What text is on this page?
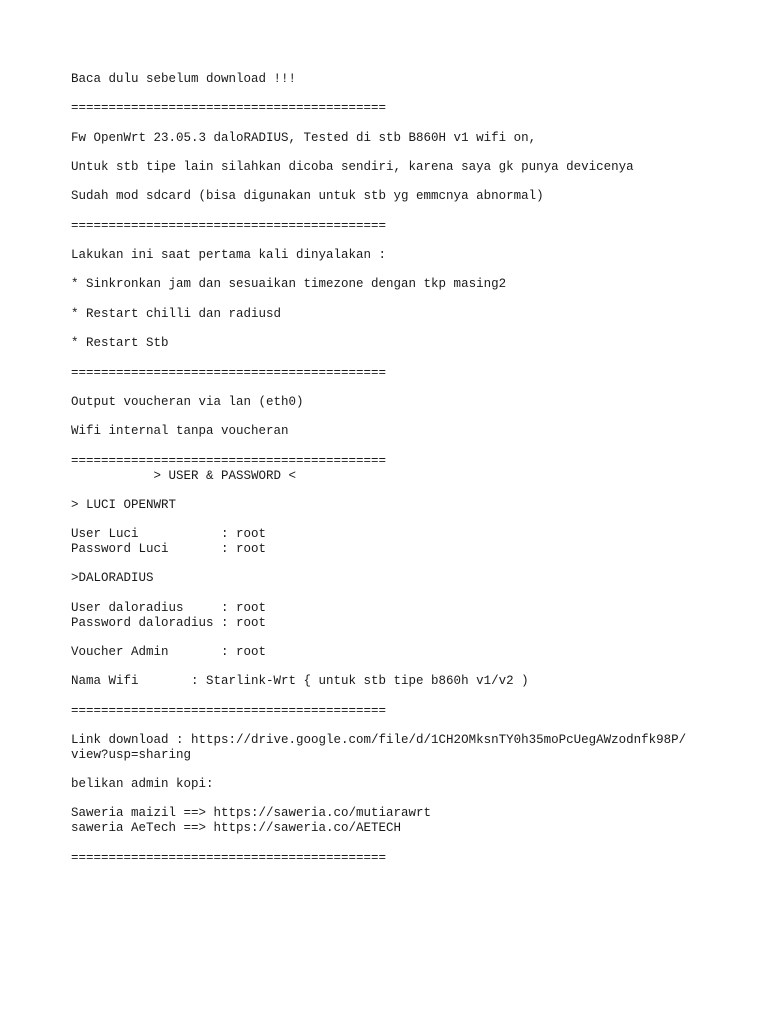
Baca dulu sebelum download !!!

==========================================

Fw OpenWrt 23.05.3 daloRADIUS, Tested di stb B860H v1 wifi on,

Untuk stb tipe lain silahkan dicoba sendiri, karena saya gk punya devicenya

Sudah mod sdcard (bisa digunakan untuk stb yg emmcnya abnormal)

==========================================

Lakukan ini saat pertama kali dinyalakan :

* Sinkronkan jam dan sesuaikan timezone dengan tkp masing2

* Restart chilli dan radiusd

* Restart Stb

==========================================

Output voucheran via lan (eth0)

Wifi internal tanpa voucheran

==========================================

> USER & PASSWORD <

> LUCI OPENWRT

User Luci           : root

Password Luci       : root

>DALORADIUS

User daloradius     : root

Password daloradius : root

Voucher Admin       : root

Nama Wifi       : Starlink-Wrt { untuk stb tipe b860h v1/v2 )

==========================================

Link download : https://drive.google.com/file/d/1CH2OMksnTY0h35moPcUegAWzodnfk98P/

view?usp=sharing

belikan admin kopi:

Saweria maizil ==> https://saweria.co/mutiarawrt

saweria AeTech ==> https://saweria.co/AETECH

==========================================
